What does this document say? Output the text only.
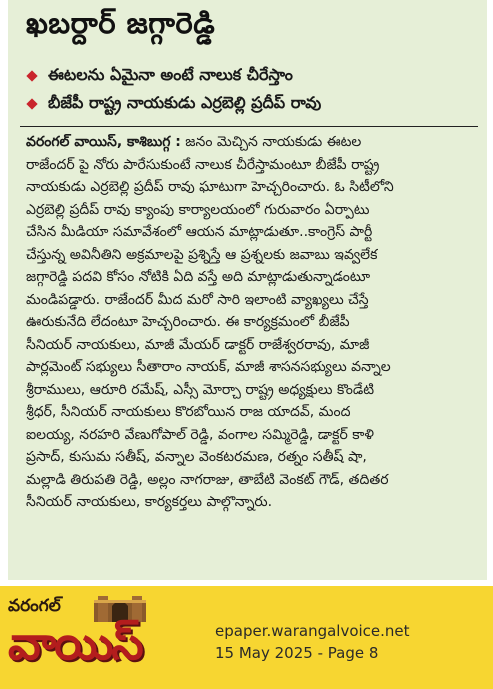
ఖబర్దార్ జగ్గారెడ్డి
ఈటలను ఏమైనా అంటే నాలుక చీరేస్తాం
బీజేపీ రాష్ట్ర నాయకుడు ఎర్రబెల్లి ప్రదీప్ రావు
వరంగల్ వాయిస్, కాశిబుగ్గ : జనం మెచ్చిన నాయకుడు ఈటల
రాజేందర్ పై నోరు పారేసుకుంటే నాలుక చీరేస్తామంటూ బీజేపీ రాష్ట్ర
నాయకుడు ఎర్రబెల్లి ప్రదీప్ రావు ఘాటుగా హెచ్చరించారు. ఓ సిటీలోని
ఎర్రబెల్లి ప్రదీప్ రావు క్యాంపు కార్యాలయంలో గురువారం ఏర్పాటు
చేసిన మీడియా సమావేశంలో ఆయన మాట్లాడుతూ..కాంగ్రెస్ పార్టీ
చేస్తున్న అవినీతిని అక్రమాలపై ప్రశ్నిస్తే ఆ ప్రశ్నలకు జవాబు ఇవ్వలేక
జగ్గారెడ్డి పదవి కోసం నోటికి ఏది వస్తే అది మాట్లాడుతున్నాడంటూ
మండిపడ్డారు. రాజేందర్ మీద మరో సారి ఇలాంటి వ్యాఖ్యలు చేస్తే
ఊరుకునేది లేదంటూ హెచ్చరించారు. ఈ కార్యక్రమంలో బీజేపీ
సీనియర్ నాయకులు, మాజీ మేయర్ డాక్టర్ రాజేశ్వరరావు, మాజీ
పార్లమెంట్ సభ్యులు సీతారాం నాయక్, మాజీ శాసనసభ్యులు వన్నాల
శ్రీరాములు, ఆరూరి రమేష్, ఎస్సీ మోర్చా రాష్ట్ర అధ్యక్షులు కొండేటి
శ్రీధర్, సీనియర్ నాయకులు కొరబోయిన రాజ యాదవ్, మంద
ఐలయ్య, నరహరి వేణుగోపాల్ రెడ్డి, వంగాల సమ్మిరెడ్డి, డాక్టర్ కాళి
ప్రసాద్, కుసుమ సతీష్, వన్నాల వెంకటరమణ, రత్నం సతీష్ షా,
మల్లాడి తిరుపతి రెడ్డి, అల్లం నాగరాజు, తాబేటి వెంకట్ గౌడ్, తదితర
సీనియర్ నాయకులు, కార్యకర్తలు పాల్గొన్నారు.
వరంగల్
వాయిస్	epaper.warangalvoice.net
15 May 2025 - Page 8
